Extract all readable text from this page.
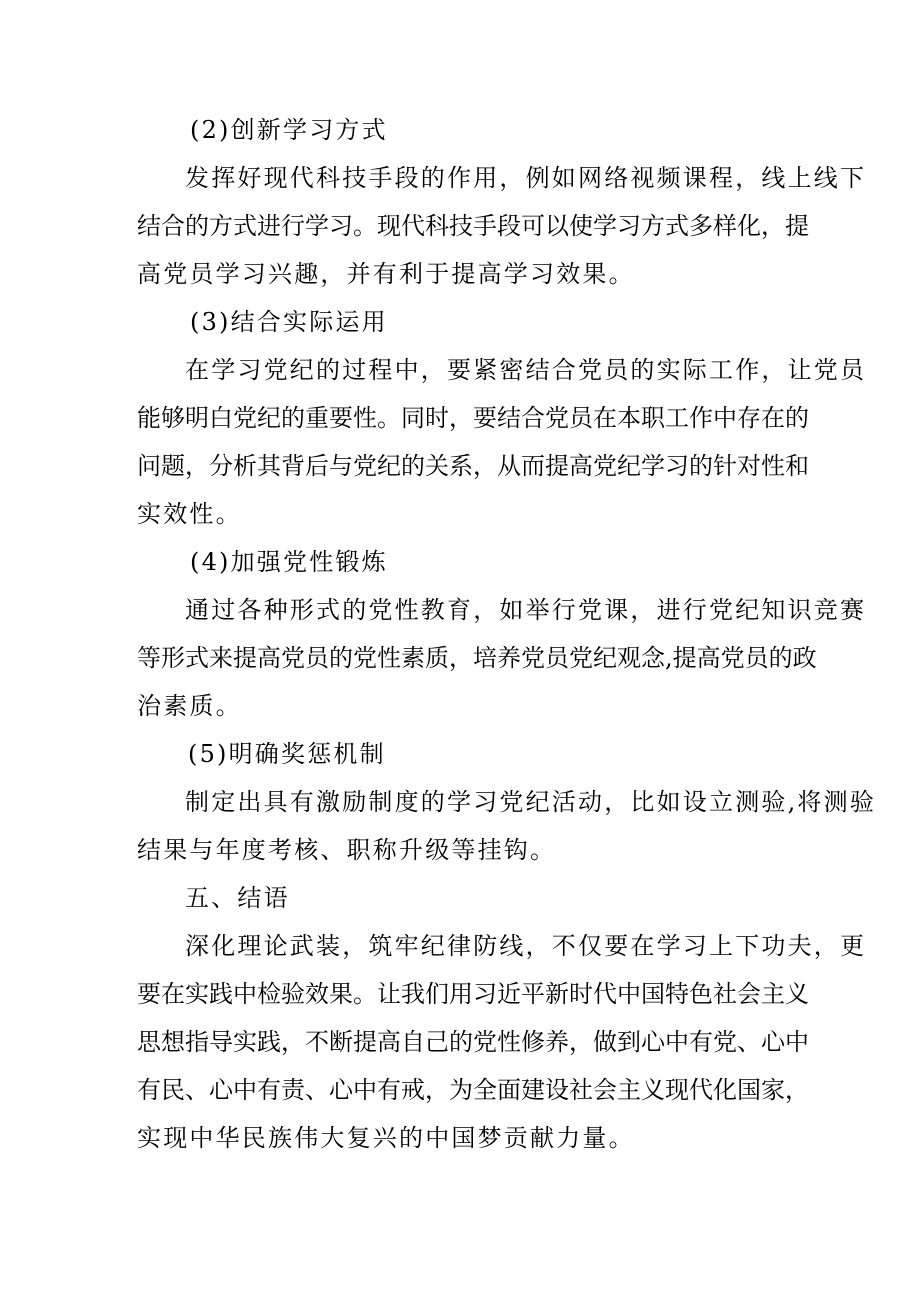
(2)创新学习方式
发挥好现代科技手段的作用，例如网络视频课程，线上线下
结合的方式进行学习。现代科技手段可以使学习方式多样化，提
高党员学习兴趣，并有利于提高学习效果。
(3)结合实际运用
在学习党纪的过程中，要紧密结合党员的实际工作，让党员
能够明白党纪的重要性。同时，要结合党员在本职工作中存在的
问题，分析其背后与党纪的关系，从而提高党纪学习的针对性和
实效性。
(4)加强党性锻炼
通过各种形式的党性教育，如举行党课，进行党纪知识竞赛
等形式来提高党员的党性素质，培养党员党纪观念,提高党员的政
治素质。
(5)明确奖惩机制
制定出具有激励制度的学习党纪活动，比如设立测验,将测验
结果与年度考核、职称升级等挂钩。
五、结语
深化理论武装，筑牢纪律防线，不仅要在学习上下功夫，更
要在实践中检验效果。让我们用习近平新时代中国特色社会主义
思想指导实践，不断提高自己的党性修养，做到心中有党、心中
有民、心中有责、心中有戒，为全面建设社会主义现代化国家，
实现中华民族伟大复兴的中国梦贡献力量。
